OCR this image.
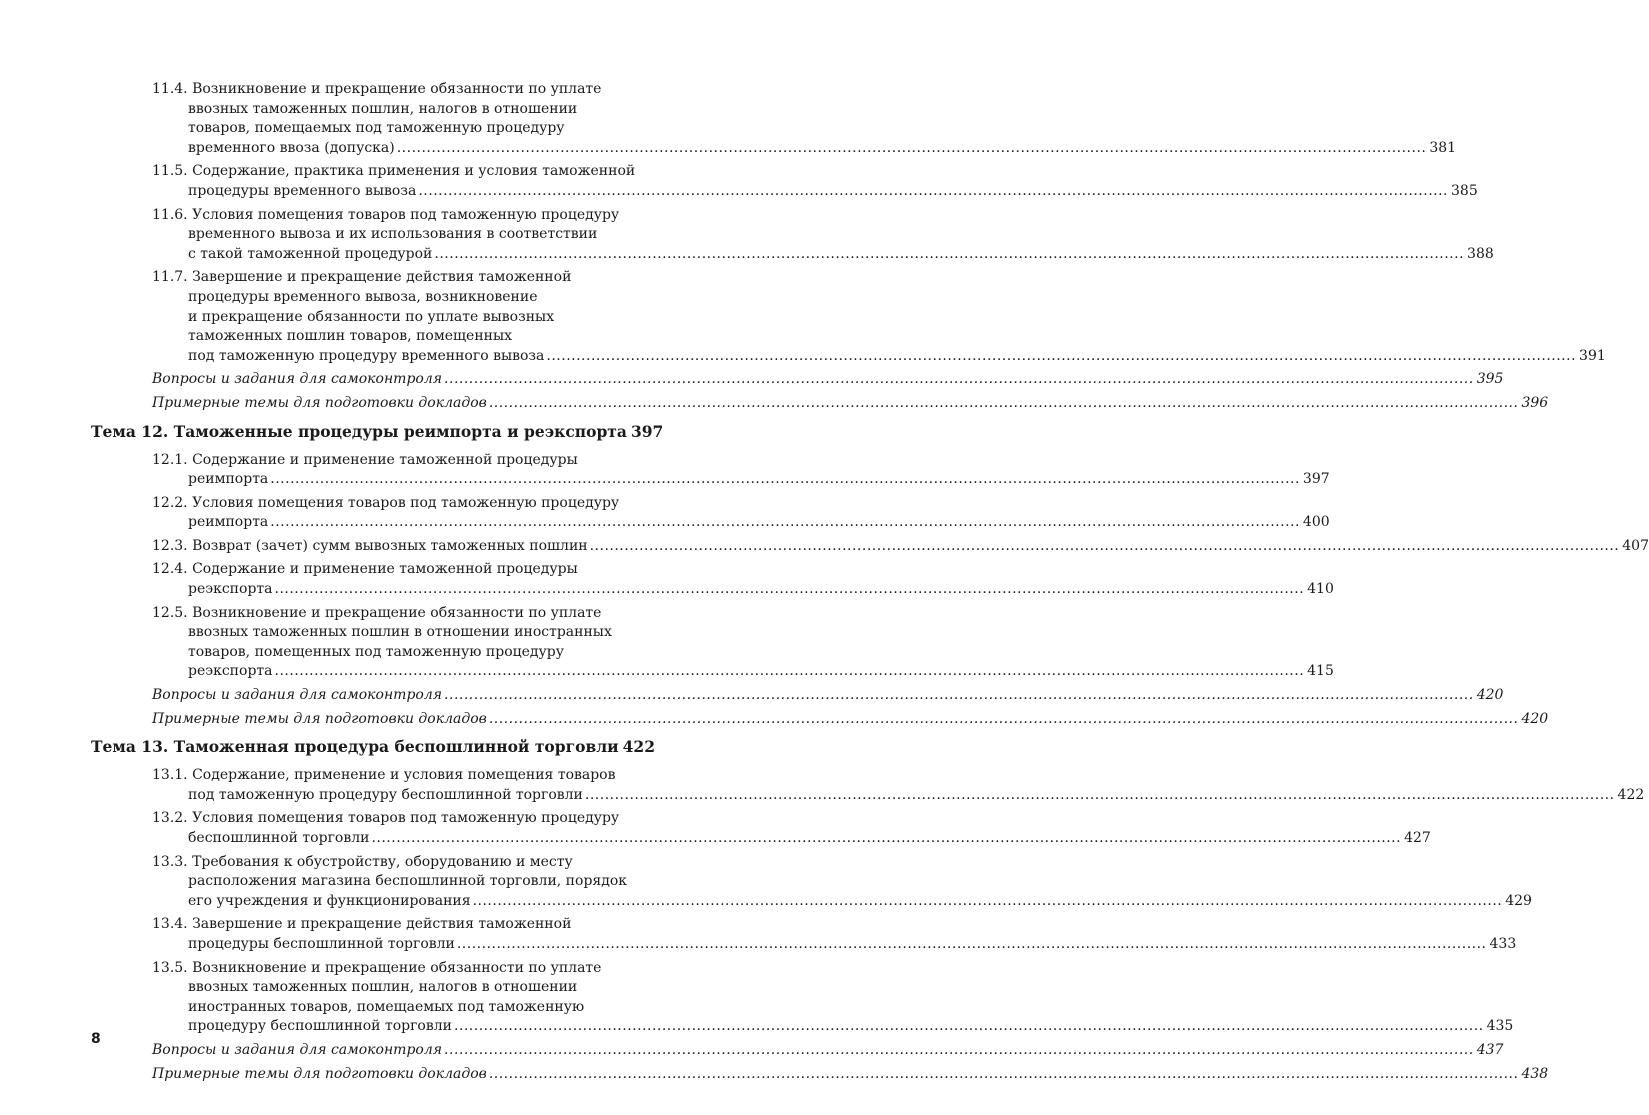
11.4. Возникновение и прекращение обязанности по уплате
ввозных таможенных пошлин, налогов в отношении
товаров, помещаемых под таможенную процедуру
временного ввоза (допуска) .....	381
11.5. Содержание, практика применения и условия таможенной
процедуры временного вывоза .....	385
11.6. Условия помещения товаров под таможенную процедуру
временного вывоза и их использования в соответствии
с такой таможенной процедурой .....	388
11.7. Завершение и прекращение действия таможенной
процедуры временного вывоза, возникновение
и прекращение обязанности по уплате вывозных
таможенных пошлин товаров, помещенных
под таможенную процедуру временного вывоза .....	391
Вопросы и задания для самоконтроля .....	395
Примерные темы для подготовки докладов .....	396
Тема 12. Таможенные процедуры реимпорта и реэкспорта 397
12.1. Содержание и применение таможенной процедуры
реимпорта .....	397
12.2. Условия помещения товаров под таможенную процедуру
реимпорта .....	400
12.3. Возврат (зачет) сумм вывозных таможенных пошлин .....	407
12.4. Содержание и применение таможенной процедуры
реэкспорта .....	410
12.5. Возникновение и прекращение обязанности по уплате
ввозных таможенных пошлин в отношении иностранных
товаров, помещенных под таможенную процедуру
реэкспорта .....	415
Вопросы и задания для самоконтроля .....	420
Примерные темы для подготовки докладов .....	420
Тема 13. Таможенная процедура беспошлинной торговли 422
13.1. Содержание, применение и условия помещения товаров
под таможенную процедуру беспошлинной торговли .....	422
13.2. Условия помещения товаров под таможенную процедуру
беспошлинной торговли .....	427
13.3. Требования к обустройству, оборудованию и месту
расположения магазина беспошлинной торговли, порядок
его учреждения и функционирования .....	429
13.4. Завершение и прекращение действия таможенной
процедуры беспошлинной торговли .....	433
13.5. Возникновение и прекращение обязанности по уплате
ввозных таможенных пошлин, налогов в отношении
иностранных товаров, помещаемых под таможенную
процедуру беспошлинной торговли .....	435
Вопросы и задания для самоконтроля .....	437
Примерные темы для подготовки докладов .....	438
8
